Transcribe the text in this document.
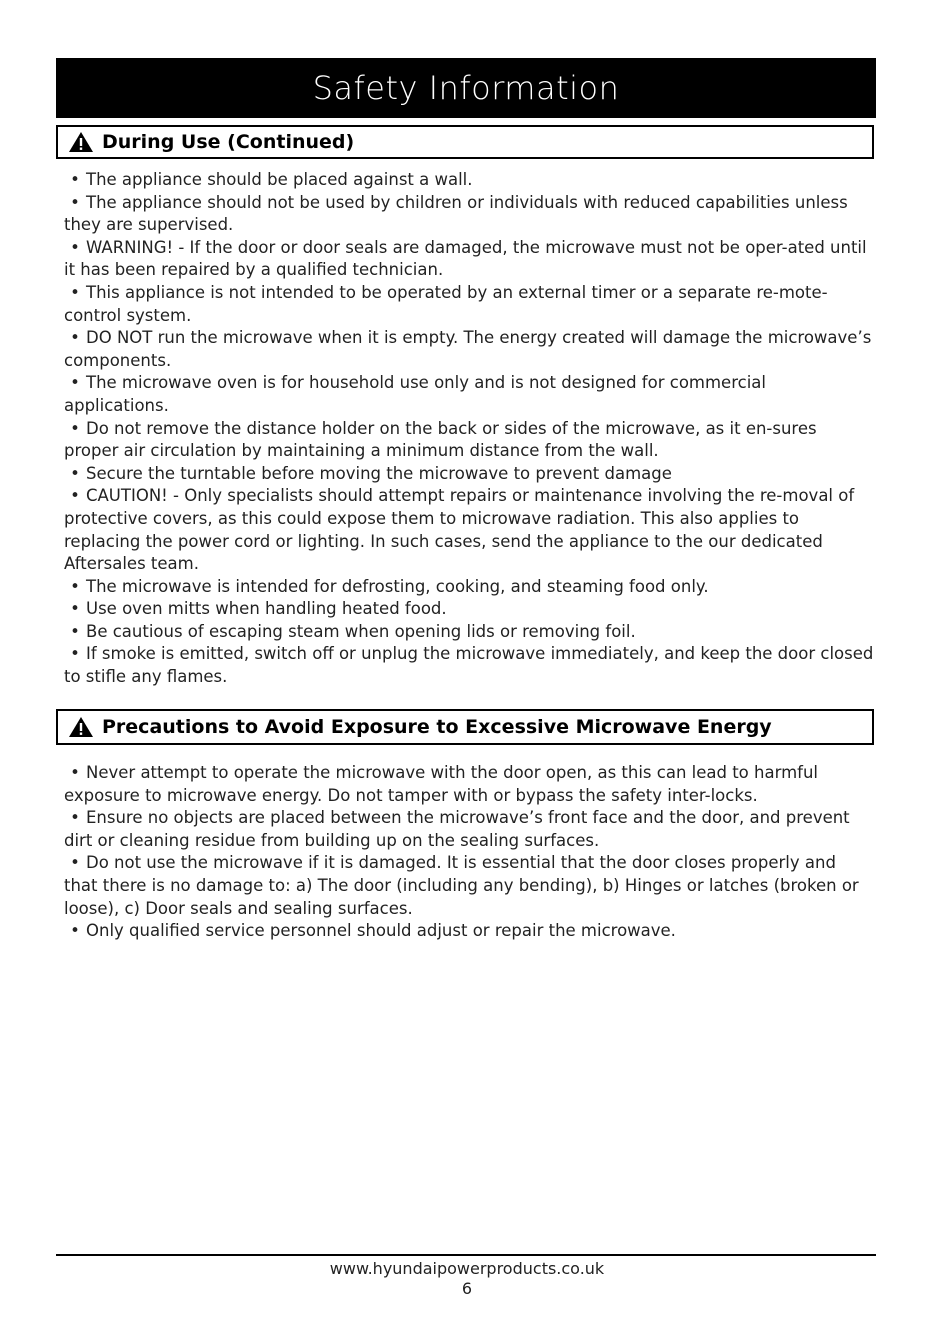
Safety Information
During Use (Continued)

• The appliance should be placed against a wall.

• The appliance should not be used by children or individuals with reduced capabilities unless they are supervised.

• WARNING! - If the door or door seals are damaged, the microwave must not be oper-ated until it has been repaired by a qualified technician.

• This appliance is not intended to be operated by an external timer or a separate re-mote-control system.

• DO NOT run the microwave when it is empty. The energy created will damage the microwave’s components.

• The microwave oven is for household use only and is not designed for commercial applications.

• Do not remove the distance holder on the back or sides of the microwave, as it en-sures proper air circulation by maintaining a minimum distance from the wall.

• Secure the turntable before moving the microwave to prevent damage

• CAUTION! - Only specialists should attempt repairs or maintenance involving the re-moval of protective covers, as this could expose them to microwave radiation. This also applies to replacing the power cord or lighting. In such cases, send the appliance to the our dedicated Aftersales team.

• The microwave is intended for defrosting, cooking, and steaming food only.

• Use oven mitts when handling heated food.

• Be cautious of escaping steam when opening lids or removing foil.

• If smoke is emitted, switch off or unplug the microwave immediately, and keep the door closed to stifle any flames.

Precautions to Avoid Exposure to Excessive Microwave Energy

• Never attempt to operate the microwave with the door open, as this can lead to harmful exposure to microwave energy. Do not tamper with or bypass the safety inter-locks.

• Ensure no objects are placed between the microwave’s front face and the door, and prevent dirt or cleaning residue from building up on the sealing surfaces.

• Do not use the microwave if it is damaged. It is essential that the door closes properly and that there is no damage to: a) The door (including any bending), b) Hinges or latches (broken or loose), c) Door seals and sealing surfaces.

• Only qualified service personnel should adjust or repair the microwave.

www.hyundaipowerproducts.co.uk
6
